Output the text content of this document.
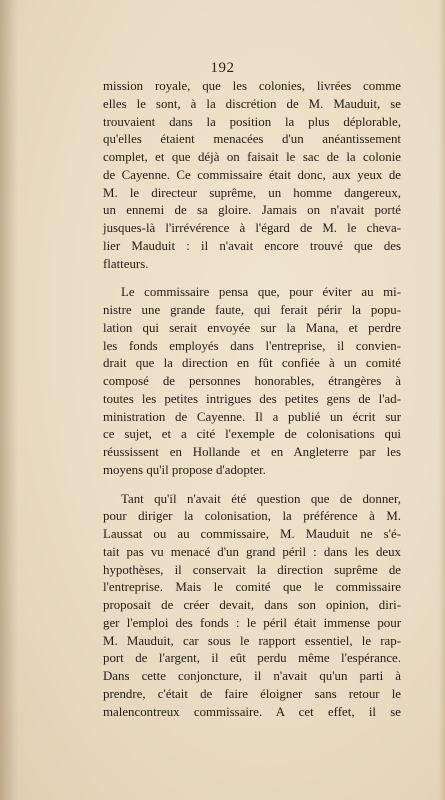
192
mission royale, que les colonies, livrées comme
elles le sont, à la discrétion de M. Mauduit, se
trouvaient dans la position la plus déplorable,
qu'elles étaient menacées d'un anéantissement
complet, et que déjà on faisait le sac de la colonie
de Cayenne. Ce commissaire était donc, aux yeux de
M. le directeur suprême, un homme dangereux,
un ennemi de sa gloire. Jamais on n'avait porté
jusques-là l'irrévérence à l'égard de M. le cheva-
lier Mauduit : il n'avait encore trouvé que des
flatteurs.
Le commissaire pensa que, pour éviter au mi-
nistre une grande faute, qui ferait périr la popu-
lation qui serait envoyée sur la Mana, et perdre
les fonds employés dans l'entreprise, il convien-
drait que la direction en fût confiée à un comité
composé de personnes honorables, étrangères à
toutes les petites intrigues des petites gens de l'ad-
ministration de Cayenne. Il a publié un écrit sur
ce sujet, et a cité l'exemple de colonisations qui
réussissent en Hollande et en Angleterre par les
moyens qu'il propose d'adopter.
Tant qu'il n'avait été question que de donner,
pour diriger la colonisation, la préférence à M.
Laussat ou au commissaire, M. Mauduit ne s'é-
tait pas vu menacé d'un grand péril : dans les deux
hypothèses, il conservait la direction suprême de
l'entreprise. Mais le comité que le commissaire
proposait de créer devait, dans son opinion, diri-
ger l'emploi des fonds : le péril était immense pour
M. Mauduit, car sous le rapport essentiel, le rap-
port de l'argent, il eût perdu même l'espérance.
Dans cette conjoncture, il n'avait qu'un parti à
prendre, c'était de faire éloigner sans retour le
malencontreux commissaire. A cet effet, il se
